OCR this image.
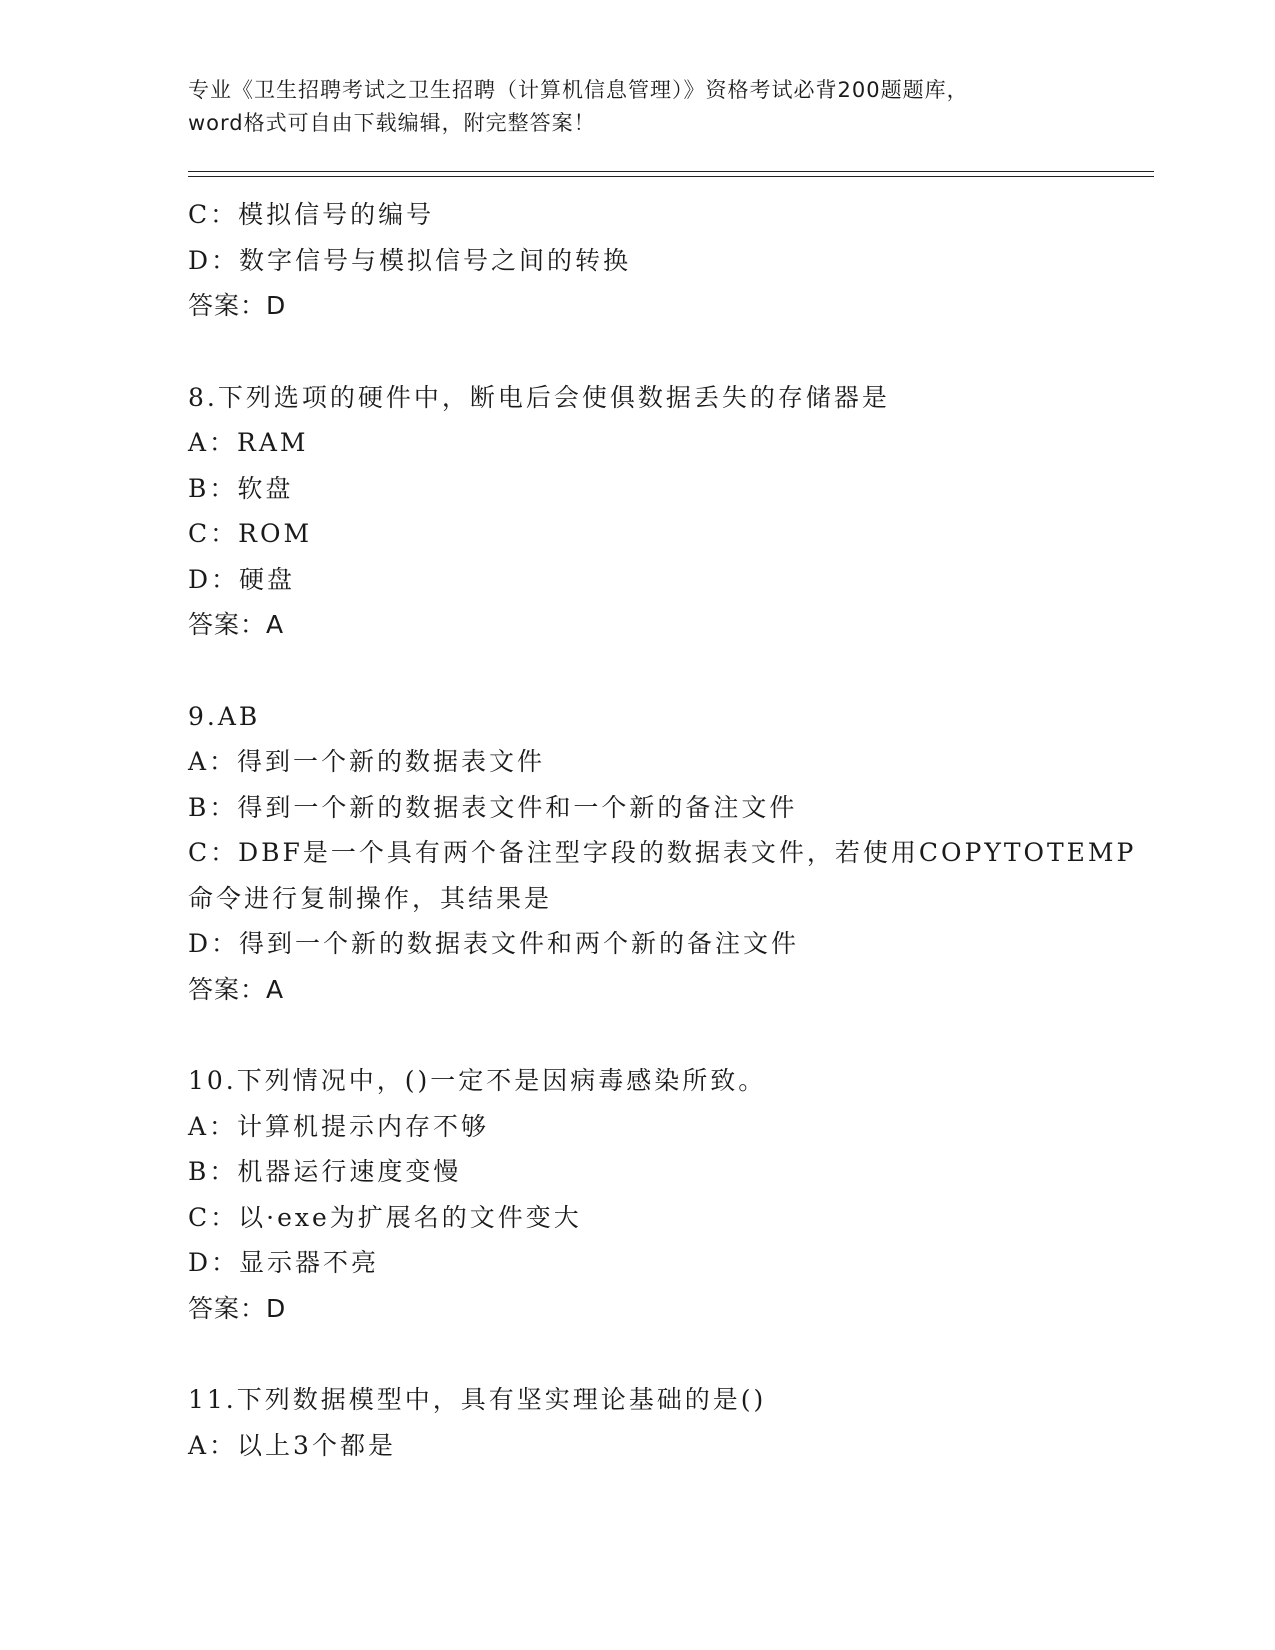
专业《卫生招聘考试之卫生招聘（计算机信息管理）》资格考试必背200题题库，
word格式可自由下载编辑，附完整答案！
C：模拟信号的编号
D：数字信号与模拟信号之间的转换
答案：D
8.下列选项的硬件中，断电后会使俱数据丢失的存储器是
A：RAM
B：软盘
C：ROM
D：硬盘
答案：A
9.AB
A：得到一个新的数据表文件
B：得到一个新的数据表文件和一个新的备注文件
C：DBF是一个具有两个备注型字段的数据表文件，若使用COPYTOTEMP
命令进行复制操作，其结果是
D：得到一个新的数据表文件和两个新的备注文件
答案：A
10.下列情况中，()一定不是因病毒感染所致。
A：计算机提示内存不够
B：机器运行速度变慢
C：以·exe为扩展名的文件变大
D：显示器不亮
答案：D
11.下列数据模型中，具有坚实理论基础的是()
A：以上3个都是
